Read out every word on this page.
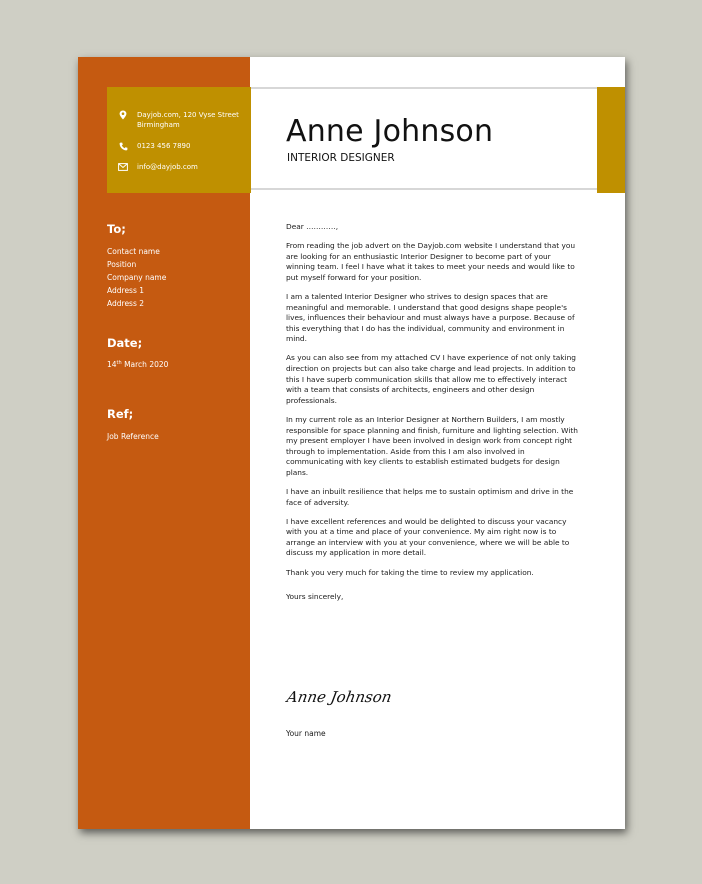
Dayjob.com, 120 Vyse Street Birmingham
0123 456 7890
info@dayjob.com
Anne Johnson
INTERIOR DESIGNER
To;
Contact name
Position
Company name
Address 1
Address 2
Date;
14th March 2020
Ref;
Job Reference

Dear …………,

From reading the job advert on the Dayjob.com website I understand that you are looking for an enthusiastic Interior Designer to become part of your winning team. I feel I have what it takes to meet your needs and would like to put myself forward for your position.

I am a talented Interior Designer who strives to design spaces that are meaningful and memorable. I understand that good designs shape people's lives, influences their behaviour and must always have a purpose. Because of this everything that I do has the individual, community and environment in mind.

As you can also see from my attached CV I have experience of not only taking direction on projects but can also take charge and lead projects. In addition to this I have superb communication skills that allow me to effectively interact with a team that consists of architects, engineers and other design professionals.

In my current role as an Interior Designer at Northern Builders, I am mostly responsible for space planning and finish, furniture and lighting selection. With my present employer I have been involved in design work from concept right through to implementation. Aside from this I am also involved in communicating with key clients to establish estimated budgets for design plans.

I have an inbuilt resilience that helps me to sustain optimism and drive in the face of adversity.

I have excellent references and would be delighted to discuss your vacancy with you at a time and place of your convenience. My aim right now is to arrange an interview with you at your convenience, where we will be able to discuss my application in more detail.

Thank you very much for taking the time to review my application.

Yours sincerely,

Anne Johnson
Your name
